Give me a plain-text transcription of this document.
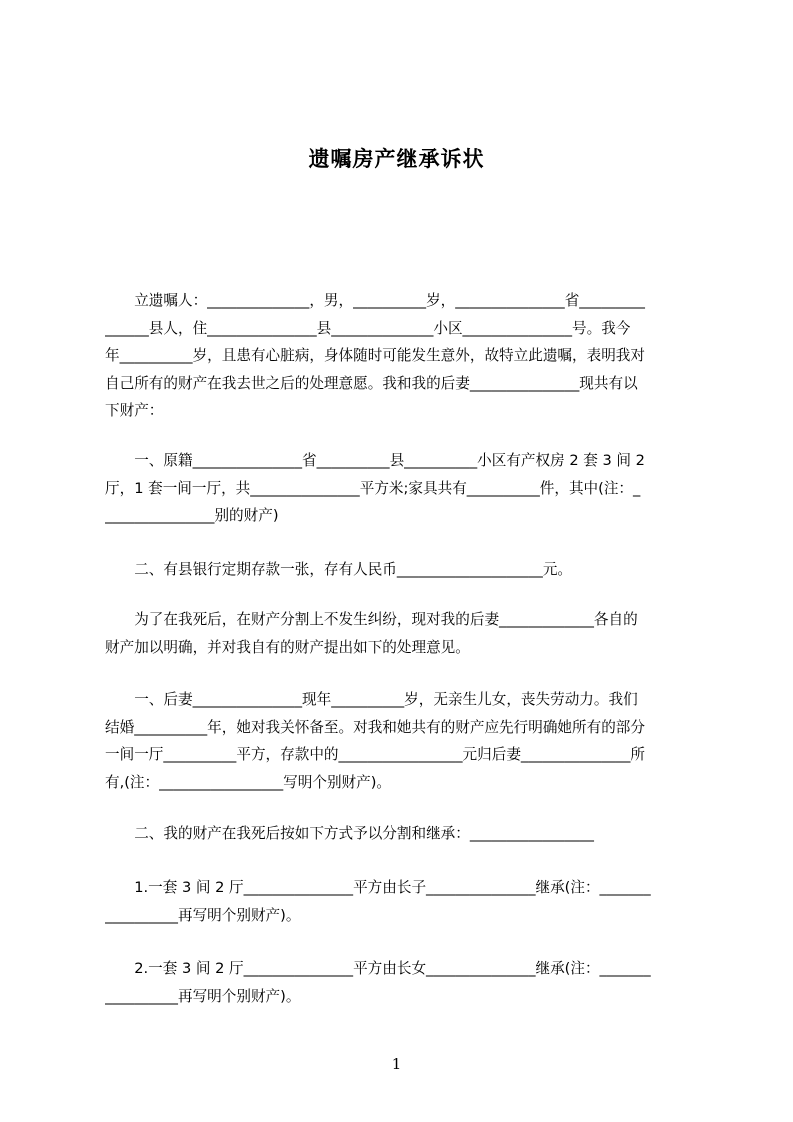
遗嘱房产继承诉状
　　立遗嘱人：______________，男，__________岁，_______________省_________
______县人，住_______________县______________小区_______________号。我今
年__________岁，且患有心脏病，身体随时可能发生意外，故特立此遗嘱，表明我对
自己所有的财产在我去世之后的处理意愿。我和我的后妻_______________现共有以
下财产：
　　一、原籍_______________省__________县__________小区有产权房 2 套 3 间 2
厅，1 套一间一厅，共_______________平方米;家具共有__________件，其中(注：_
_______________别的财产)
　　二、有县银行定期存款一张，存有人民币____________________元。
　　为了在我死后，在财产分割上不发生纠纷，现对我的后妻_____________各自的
财产加以明确，并对我自有的财产提出如下的处理意见。
　　一、后妻_______________现年__________岁，无亲生儿女，丧失劳动力。我们
结婚__________年，她对我关怀备至。对我和她共有的财产应先行明确她所有的部分
一间一厅__________平方，存款中的_________________元归后妻_______________所
有,(注：_________________写明个别财产)。
　　二、我的财产在我死后按如下方式予以分割和继承：_________________
　　1.一套 3 间 2 厅_______________平方由长子_______________继承(注：_______
__________再写明个别财产)。
　　2.一套 3 间 2 厅_______________平方由长女_______________继承(注：_______
__________再写明个别财产)。
1
